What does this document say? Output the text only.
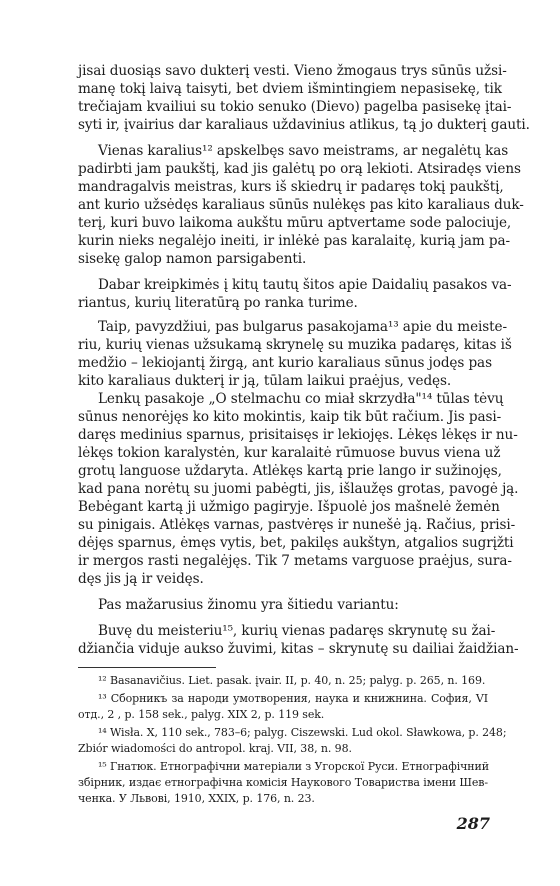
jisai duosiąs savo dukterį vesti. Vieno žmogaus trys sūnūs užsi-
manę tokį laivą taisyti, bet dviem išmintingiem nepasisekę, tik
trečiajam kvailiui su tokio senuko (Dievo) pagelba pasisekę įtai-
syti ir, įvairius dar karaliaus uždavinius atlikus, tą jo dukterį gauti.
Vienas karalius¹² apskelbęs savo meistrams, ar negalėtų kas
padirbti jam paukštį, kad jis galėtų po orą lekioti. Atsiradęs viens
mandragalvis meistras, kurs iš skiedrų ir padaręs tokį paukštį,
ant kurio užsėdęs karaliaus sūnūs nulėkęs pas kito karaliaus duk-
terį, kuri buvo laikoma aukštu mūru aptvertame sode palociuje,
kurin nieks negalėjo ineiti, ir inlėkė pas karalaitę, kurią jam pa-
sisekę galop namon parsigabenti.
Dabar kreipkimės į kitų tautų šitos apie Daidalių pasakos va-
riantus, kurių literatūrą po ranka turime.
Taip, pavyzdžiui, pas bulgarus pasakojama¹³ apie du meiste-
riu, kurių vienas užsukamą skrynelę su muzika padaręs, kitas iš
medžio – lekiojantį žirgą, ant kurio karaliaus sūnus jodęs pas
kito karaliaus dukterį ir ją, tūlam laikui praėjus, vedęs.
Lenkų pasakoje „O stelmachu co miał skrzydła"¹⁴ tūlas tėvų
sūnus nenorėjęs ko kito mokintis, kaip tik būt račium. Jis pasi-
daręs medinius sparnus, prisitaisęs ir lekiojęs. Lėkęs lėkęs ir nu-
lėkęs tokion karalystėn, kur karalaitė rūmuose buvus viena už
grotų languose uždaryta. Atlėkęs kartą prie lango ir sužinojęs,
kad pana norėtų su juomi pabėgti, jis, išlaužęs grotas, pavogė ją.
Bebėgant kartą ji užmigo pagiryje. Išpuolė jos mašnelė žemėn
su pinigais. Atlėkęs varnas, pastvėręs ir nunešė ją. Račius, prisi-
dėjęs sparnus, ėmęs vytis, bet, pakilęs aukštyn, atgalios sugrįžti
ir mergos rasti negalėjęs. Tik 7 metams varguose praėjus, sura-
dęs jis ją ir veidęs.
Pas mažarusius žinomu yra šitiedu variantu:
Buvę du meisteriu¹⁵, kurių vienas padaręs skrynutę su žai-
džiančia viduje aukso žuvimi, kitas – skrynutę su dailiai žaidžian-
¹² Basanavičius. Liet. pasak. įvair. II, p. 40, n. 25; palyg. p. 265, n. 169.
¹³ Сборникъ за народи умотворения, наука и книжнина. София, VI
отд., 2 , p. 158 sek., palyg. XIX 2, p. 119 sek.
¹⁴ Wisła. X, 110 sek., 783–6; palyg. Ciszewski. Lud okol. Sławkowa, p. 248;
Zbiór wiadomości do antropol. kraj. VII, 38, n. 98.
¹⁵ Гнатюк. Етнографічни матеріали з Угорскої Руси. Етнографічний
збірник, издає етнографічна комісія Наукового Товариства імени Шев-
ченка. У Львові, 1910, XXIX, p. 176, n. 23.
287
